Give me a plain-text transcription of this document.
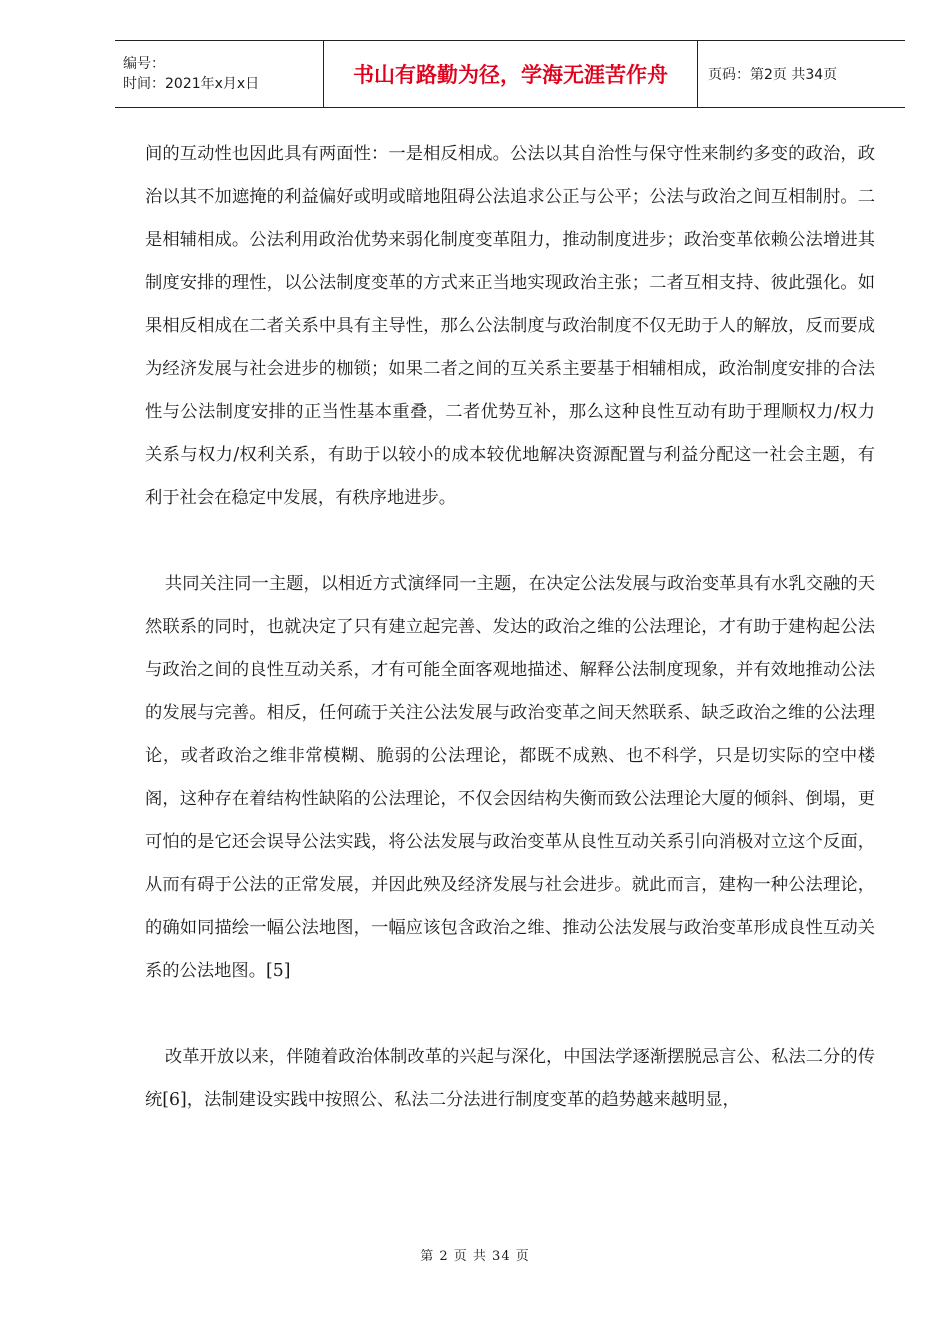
编号：
时间：2021年x月x日	书山有路勤为径，学海无涯苦作舟	页码：第2页 共34页

间的互动性也因此具有两面性：一是相反相成。公法以其自治性与保守性来制约多变的政治，政治以其不加遮掩的利益偏好或明或暗地阻碍公法追求公正与公平；公法与政治之间互相制肘。二是相辅相成。公法利用政治优势来弱化制度变革阻力，推动制度进步；政治变革依赖公法增进其制度安排的理性，以公法制度变革的方式来正当地实现政治主张；二者互相支持、彼此强化。如果相反相成在二者关系中具有主导性，那么公法制度与政治制度不仅无助于人的解放，反而要成为经济发展与社会进步的枷锁；如果二者之间的互关系主要基于相辅相成，政治制度安排的合法性与公法制度安排的正当性基本重叠，二者优势互补，那么这种良性互动有助于理顺权力/权力关系与权力/权利关系，有助于以较小的成本较优地解决资源配置与利益分配这一社会主题，有利于社会在稳定中发展，有秩序地进步。

共同关注同一主题，以相近方式演绎同一主题，在决定公法发展与政治变革具有水乳交融的天然联系的同时，也就决定了只有建立起完善、发达的政治之维的公法理论，才有助于建构起公法与政治之间的良性互动关系，才有可能全面客观地描述、解释公法制度现象，并有效地推动公法的发展与完善。相反，任何疏于关注公法发展与政治变革之间天然联系、缺乏政治之维的公法理论，或者政治之维非常模糊、脆弱的公法理论，都既不成熟、也不科学，只是切实际的空中楼阁，这种存在着结构性缺陷的公法理论，不仅会因结构失衡而致公法理论大厦的倾斜、倒塌，更可怕的是它还会误导公法实践，将公法发展与政治变革从良性互动关系引向消极对立这个反面，从而有碍于公法的正常发展，并因此殃及经济发展与社会进步。就此而言，建构一种公法理论，的确如同描绘一幅公法地图，一幅应该包含政治之维、推动公法发展与政治变革形成良性互动关系的公法地图。[5]

改革开放以来，伴随着政治体制改革的兴起与深化，中国法学逐渐摆脱忌言公、私法二分的传统[6]，法制建设实践中按照公、私法二分法进行制度变革的趋势越来越明显，

第 2 页 共 34 页
